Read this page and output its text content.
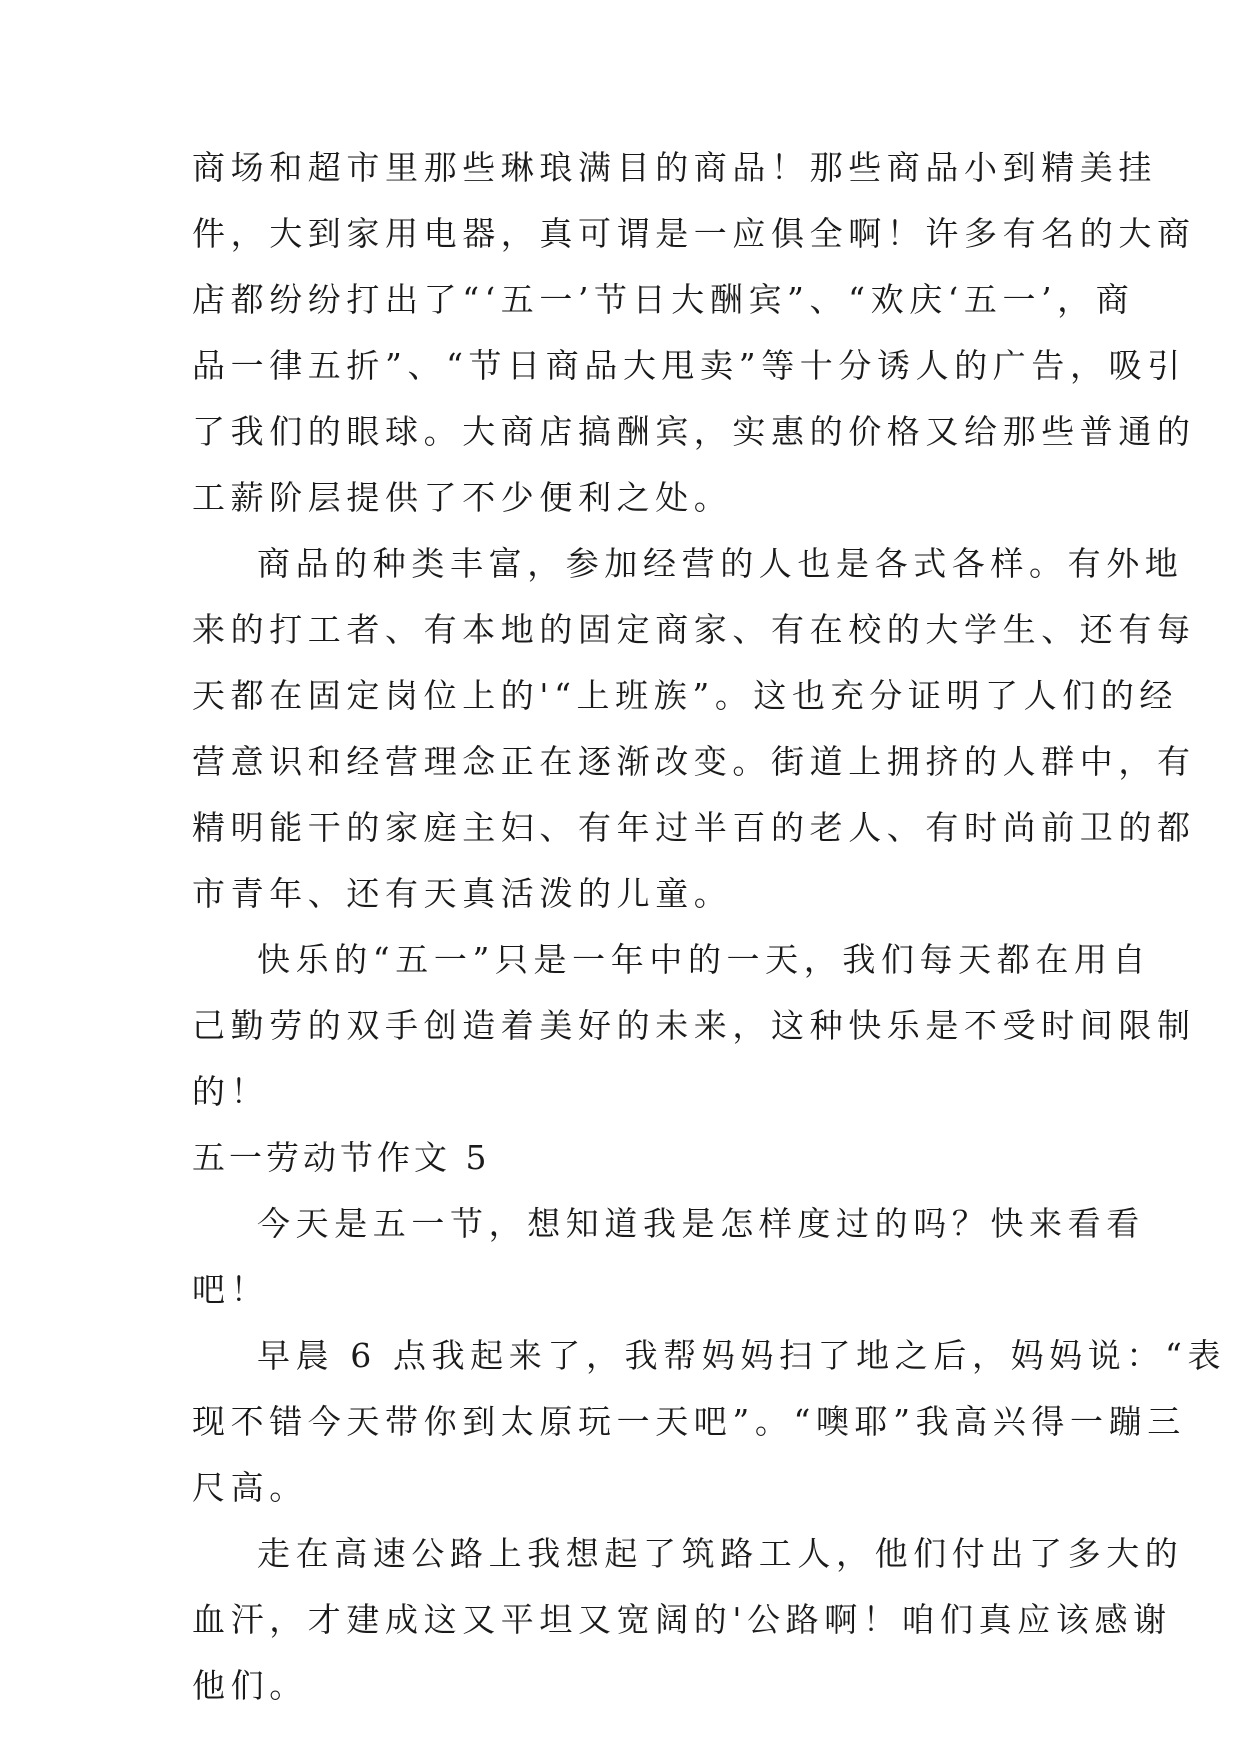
商场和超市里那些琳琅满目的商品！那些商品小到精美挂
件，大到家用电器，真可谓是一应俱全啊！许多有名的大商
店都纷纷打出了“‘五一’节日大酬宾”、“欢庆‘五一’，商
品一律五折”、“节日商品大甩卖”等十分诱人的广告，吸引
了我们的眼球。大商店搞酬宾，实惠的价格又给那些普通的
工薪阶层提供了不少便利之处。
商品的种类丰富，参加经营的人也是各式各样。有外地
来的打工者、有本地的固定商家、有在校的大学生、还有每
天都在固定岗位上的'“上班族”。这也充分证明了人们的经
营意识和经营理念正在逐渐改变。街道上拥挤的人群中，有
精明能干的家庭主妇、有年过半百的老人、有时尚前卫的都
市青年、还有天真活泼的儿童。
快乐的“五一”只是一年中的一天，我们每天都在用自
己勤劳的双手创造着美好的未来，这种快乐是不受时间限制
的！
五一劳动节作文 5
今天是五一节，想知道我是怎样度过的吗？快来看看
吧！
早晨 6 点我起来了，我帮妈妈扫了地之后，妈妈说：“表
现不错今天带你到太原玩一天吧”。“噢耶”我高兴得一蹦三
尺高。
走在高速公路上我想起了筑路工人，他们付出了多大的
血汗，才建成这又平坦又宽阔的'公路啊！咱们真应该感谢
他们。
